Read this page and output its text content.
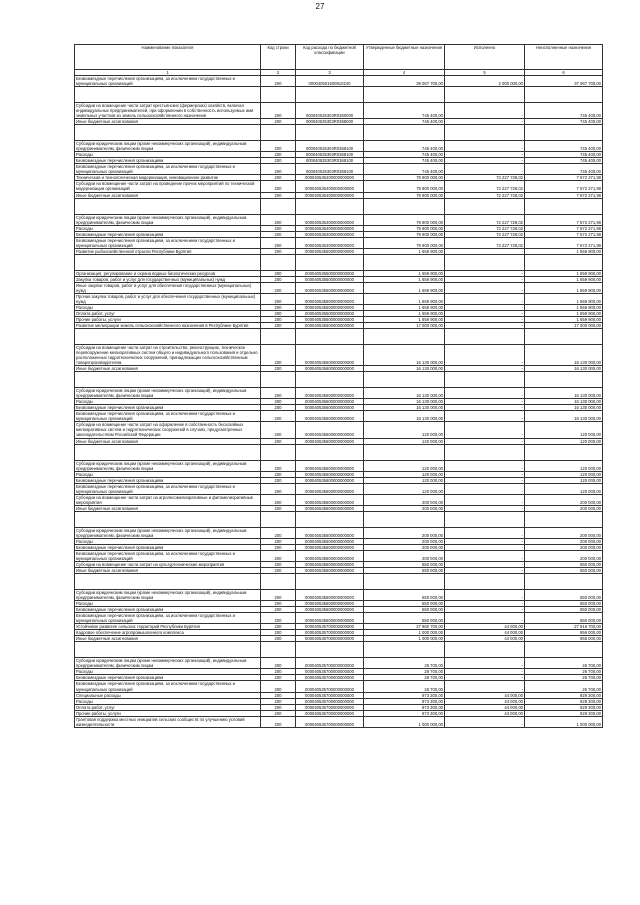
27
Наименование показателя	Код строки	Код расхода по бюджетной классификации	Утвержденные бюджетные назначения	Исполнено	Неисполненные назначения
1	2	3	4	5	6
Безвозмездные перечисления организациям, за исключением государственных и муниципальных организаций	200	000040501500810240	39 067 700,00	2 000 000,00	37 067 700,00

Субсидии на возмещение части затрат крестьянских (фермерских) хозяйств, включая индивидуальных предпринимателей, при оформлении в собственность используемых ими земельных участков из земель сельскохозяйственного назначения	200	000040535303R0360000	745 400,00	-	745 400,00
Иные бюджетные ассигнования	200	000040535303R0368000	745 400,00	-	745 400,00

Субсидии юридическим лицам (кроме некоммерческих организаций), индивидуальным предпринимателям, физическим лицам	200	000040535303R0368100	745 400,00	-	745 400,00
Расходы	200	000040535303R0368100	745 400,00	-	745 400,00
Безвозмездные перечисления организациям	200	000040535303R0368100	745 400,00	-	745 400,00
Безвозмездные перечисления организациям, за исключением государственных и муниципальных организаций	200	000040535303R0368100	745 400,00	-	745 400,00
Техническая и технологическая модернизация, инновационное развитие	200	000040535400000000000	79 900 000,00	72 227 728,02	7 672 271,98
Субсидии на возмещение части затрат на проведение прочих мероприятий по технической модернизации организаций	200	000040535400000000000	79 900 000,00	72 227 728,02	7 672 271,98
Иные бюджетные ассигнования	200	000040535400000000000	79 900 000,00	72 227 728,02	7 672 271,98

Субсидии юридическим лицам (кроме некоммерческих организаций), индивидуальным предпринимателям, физическим лицам	200	000040535400000000000	79 900 000,00	72 227 728,02	7 672 271,98
Расходы	200	000040535400000000000	79 900 000,00	72 227 728,02	7 672 271,98
Безвозмездные перечисления организациям	200	000040535400000000000	79 900 000,00	72 227 728,02	7 672 271,98
Безвозмездные перечисления организациям, за исключением государственных и муниципальных организаций	200	000040535400000000000	79 900 000,00	72 227 728,02	7 672 271,98
Развитие рыбохозяйственной отрасли Республики Бурятия	200	000040535500000000000	1 659 900,00	-	1 659 900,00

Организация, регулирование и охрана водных биологических ресурсов	200	000040535500000000000	1 659 900,00	-	1 659 900,00
Закупка товаров, работ и услуг для государственных (муниципальных) нужд	200	000040535500000000000	1 659 900,00	-	1 659 900,00
Иные закупки товаров, работ и услуг для обеспечения государственных (муниципальных) нужд	200	000040535500000000000	1 659 900,00	-	1 659 900,00
Прочая закупка товаров, работ и услуг для обеспечения государственных (муниципальных) нужд	200	000040535500000000000	1 659 900,00	-	1 659 900,00
Расходы	200	000040535500000000000	1 659 900,00	-	1 659 900,00
Оплата работ, услуг	200	000040535500000000000	1 659 900,00	-	1 659 900,00
Прочие работы, услуги	200	000040535500000000000	1 659 900,00	-	1 659 900,00
Развитие мелиорации земель сельскохозяйственного назначения в Республике Бурятия	200	000040535600000000000	17 000 000,00	-	17 000 000,00

Субсидии на возмещение части затрат на строительство, реконструкцию, техническое перевооружение мелиоративных систем общего и индивидуального пользования и отдельно расположенных гидротехнических сооружений, принадлежащих сельскохозяйственным товаропроизводителям	200	000040535600000000000	16 130 000,00	-	16 130 000,00
Иные бюджетные ассигнования	200	000040535600000000000	16 130 000,00	-	16 130 000,00

Субсидии юридическим лицам (кроме некоммерческих организаций), индивидуальным предпринимателям, физическим лицам	200	000040535600000000000	16 130 000,00	-	16 130 000,00
Расходы	200	000040535600000000000	16 130 000,00	-	16 130 000,00
Безвозмездные перечисления организациям	200	000040535600000000000	16 130 000,00	-	16 130 000,00
Безвозмездные перечисления организациям, за исключением государственных и муниципальных организаций	200	000040535600000000000	16 130 000,00	-	16 130 000,00
Субсидии на возмещение части затрат на оформление в собственность бесхозяйных мелиоративных систем и гидротехнических сооружений в случаях, предусмотренных законодательством Российской Федерации	200	000040535600000000000	120 000,00	-	120 000,00
Иные бюджетные ассигнования	200	000040535600000000000	120 000,00	-	120 000,00

Субсидии юридическим лицам (кроме некоммерческих организаций), индивидуальным предпринимателям, физическим лицам	200	000040535600000000000	120 000,00	-	120 000,00
Расходы	200	000040535600000000000	120 000,00	-	120 000,00
Безвозмездные перечисления организациям	200	000040535600000000000	120 000,00	-	120 000,00
Безвозмездные перечисления организациям, за исключением государственных и муниципальных организаций	200	000040535600000000000	120 000,00	-	120 000,00
Субсидии на возмещение части затрат на агролесомелиоративные и фитомелиоративные мероприятия	200	000040535600000000000	200 000,00	-	200 000,00
Иные бюджетные ассигнования	200	000040535600000000000	200 000,00	-	200 000,00

Субсидии юридическим лицам (кроме некоммерческих организаций), индивидуальным предпринимателям, физическим лицам	200	000040535600000000000	200 000,00	-	200 000,00
Расходы	200	000040535600000000000	200 000,00	-	200 000,00
Безвозмездные перечисления организациям	200	000040535600000000000	200 000,00	-	200 000,00
Безвозмездные перечисления организациям, за исключением государственных и муниципальных организаций	200	000040535600000000000	200 000,00	-	200 000,00
Субсидии на возмещение части затрат на культуртехнические мероприятия	200	000040535600000000000	550 000,00	-	550 000,00
Иные бюджетные ассигнования	200	000040535600000000000	550 000,00	-	550 000,00

Субсидии юридическим лицам (кроме некоммерческих организаций), индивидуальным предпринимателям, физическим лицам	200	000040535600000000000	550 000,00	-	550 000,00
Расходы	200	000040535600000000000	550 000,00	-	550 000,00
Безвозмездные перечисления организациям	200	000040535600000000000	550 000,00	-	550 000,00
Безвозмездные перечисления организациям, за исключением государственных и муниципальных организаций	200	000040535600000000000	550 000,00	-	550 000,00
Устойчивое развитие сельских территорий Республики Бурятия	200	000040535700000000000	27 960 700,00	44 000,00	27 916 700,00
Кадровое обеспечение агропромышленного комплекса	200	000040535700000000000	1 000 000,00	44 000,00	956 000,00
Иные бюджетные ассигнования	200	000040535700000000000	1 000 000,00	44 000,00	956 000,00

Субсидии юридическим лицам (кроме некоммерческих организаций), индивидуальным предпринимателям, физическим лицам	200	000040535700000000000	26 700,00	-	26 700,00
Расходы	200	000040535700000000000	26 700,00	-	26 700,00
Безвозмездные перечисления организациям	200	000040535700000000000	26 700,00	-	26 700,00
Безвозмездные перечисления организациям, за исключением государственных и муниципальных организаций	200	000040535700000000000	26 700,00	-	26 700,00
Специальные расходы	200	000040535700000000000	973 300,00	44 000,00	929 300,00
Расходы	200	000040535700000000000	973 300,00	44 000,00	929 300,00
Оплата работ, услуг	200	000040535700000000000	973 300,00	44 000,00	929 300,00
Прочие работы, услуги	200	000040535700000000000	973 300,00	44 000,00	929 300,00
Грантовая поддержка местных инициатив сельских сообществ по улучшению условий жизнедеятельности	200	000040535700000000000	1 000 000,00	-	1 000 000,00
